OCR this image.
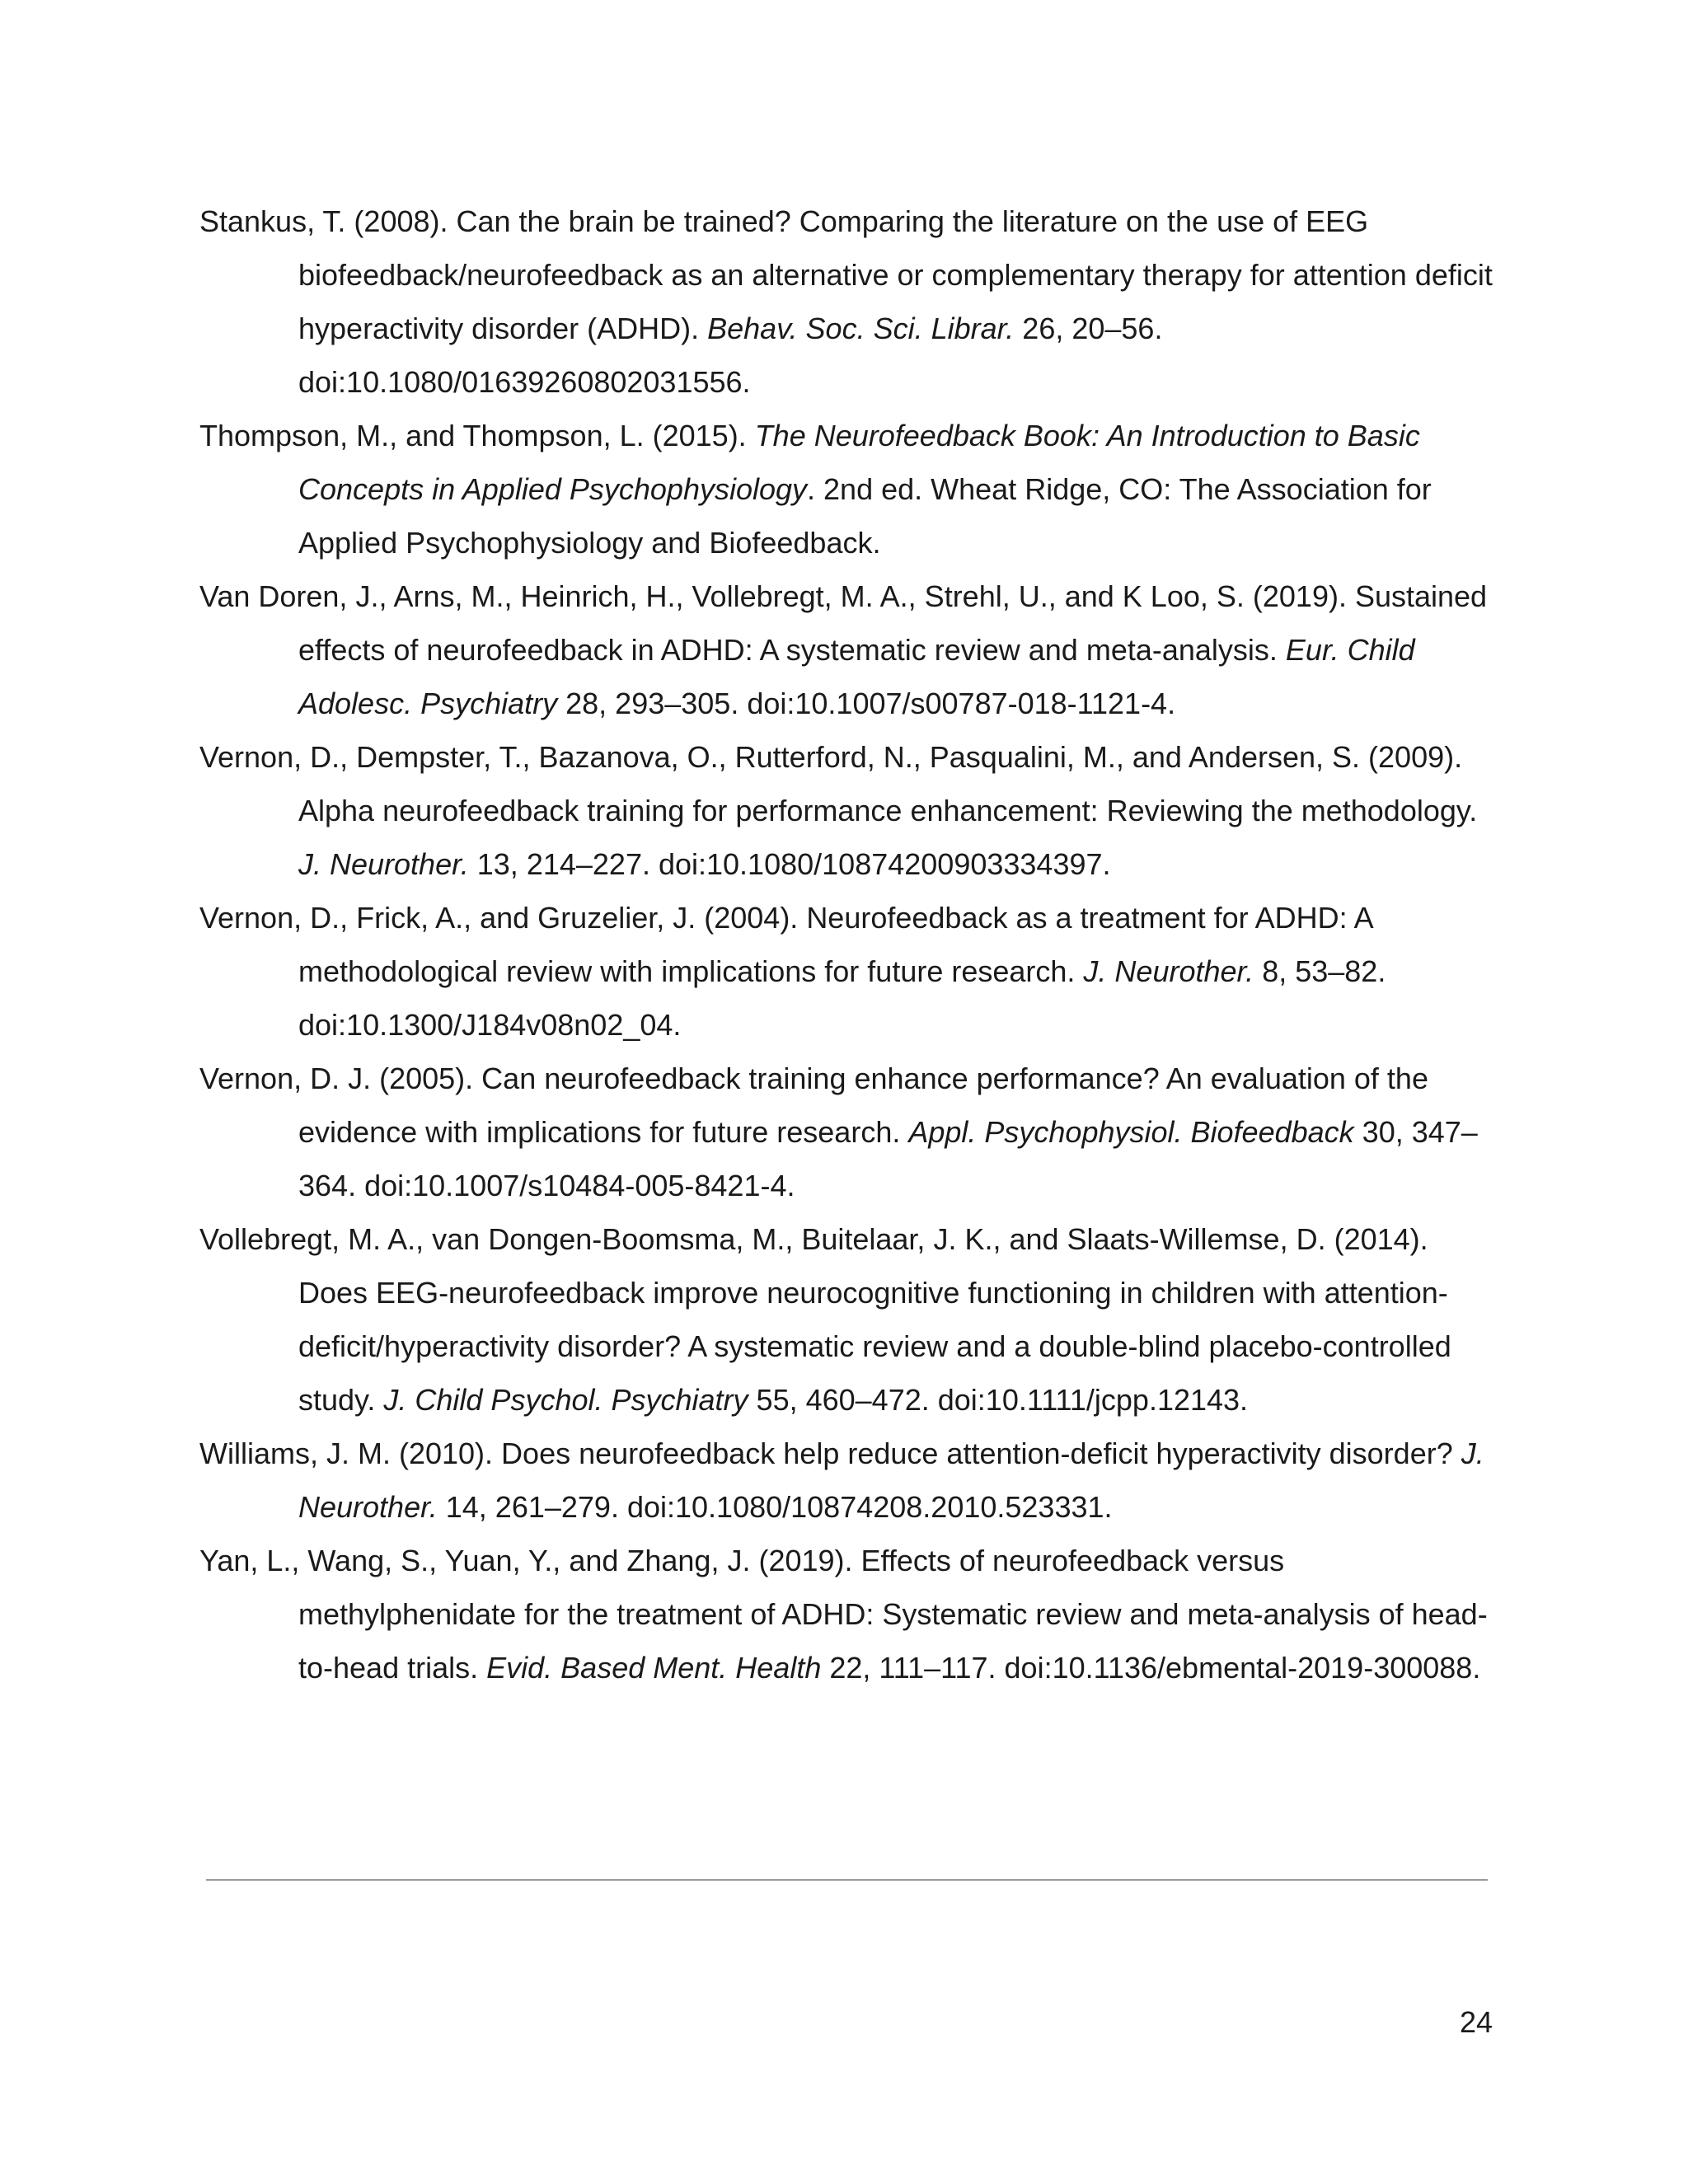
Stankus, T. (2008). Can the brain be trained? Comparing the literature on the use of EEG biofeedback/neurofeedback as an alternative or complementary therapy for attention deficit hyperactivity disorder (ADHD). Behav. Soc. Sci. Librar. 26, 20–56. doi:10.1080/01639260802031556.

Thompson, M., and Thompson, L. (2015). The Neurofeedback Book: An Introduction to Basic Concepts in Applied Psychophysiology. 2nd ed. Wheat Ridge, CO: The Association for Applied Psychophysiology and Biofeedback.

Van Doren, J., Arns, M., Heinrich, H., Vollebregt, M. A., Strehl, U., and K Loo, S. (2019). Sustained effects of neurofeedback in ADHD: A systematic review and meta-analysis. Eur. Child Adolesc. Psychiatry 28, 293–305. doi:10.1007/s00787-018-1121-4.

Vernon, D., Dempster, T., Bazanova, O., Rutterford, N., Pasqualini, M., and Andersen, S. (2009). Alpha neurofeedback training for performance enhancement: Reviewing the methodology. J. Neurother. 13, 214–227. doi:10.1080/10874200903334397.

Vernon, D., Frick, A., and Gruzelier, J. (2004). Neurofeedback as a treatment for ADHD: A methodological review with implications for future research. J. Neurother. 8, 53–82. doi:10.1300/J184v08n02_04.

Vernon, D. J. (2005). Can neurofeedback training enhance performance? An evaluation of the evidence with implications for future research. Appl. Psychophysiol. Biofeedback 30, 347–364. doi:10.1007/s10484-005-8421-4.

Vollebregt, M. A., van Dongen-Boomsma, M., Buitelaar, J. K., and Slaats-Willemse, D. (2014). Does EEG-neurofeedback improve neurocognitive functioning in children with attention-deficit/hyperactivity disorder? A systematic review and a double-blind placebo-controlled study. J. Child Psychol. Psychiatry 55, 460–472. doi:10.1111/jcpp.12143.

Williams, J. M. (2010). Does neurofeedback help reduce attention-deficit hyperactivity disorder? J. Neurother. 14, 261–279. doi:10.1080/10874208.2010.523331.

Yan, L., Wang, S., Yuan, Y., and Zhang, J. (2019). Effects of neurofeedback versus methylphenidate for the treatment of ADHD: Systematic review and meta-analysis of head-to-head trials. Evid. Based Ment. Health 22, 111–117. doi:10.1136/ebmental-2019-300088.

24
